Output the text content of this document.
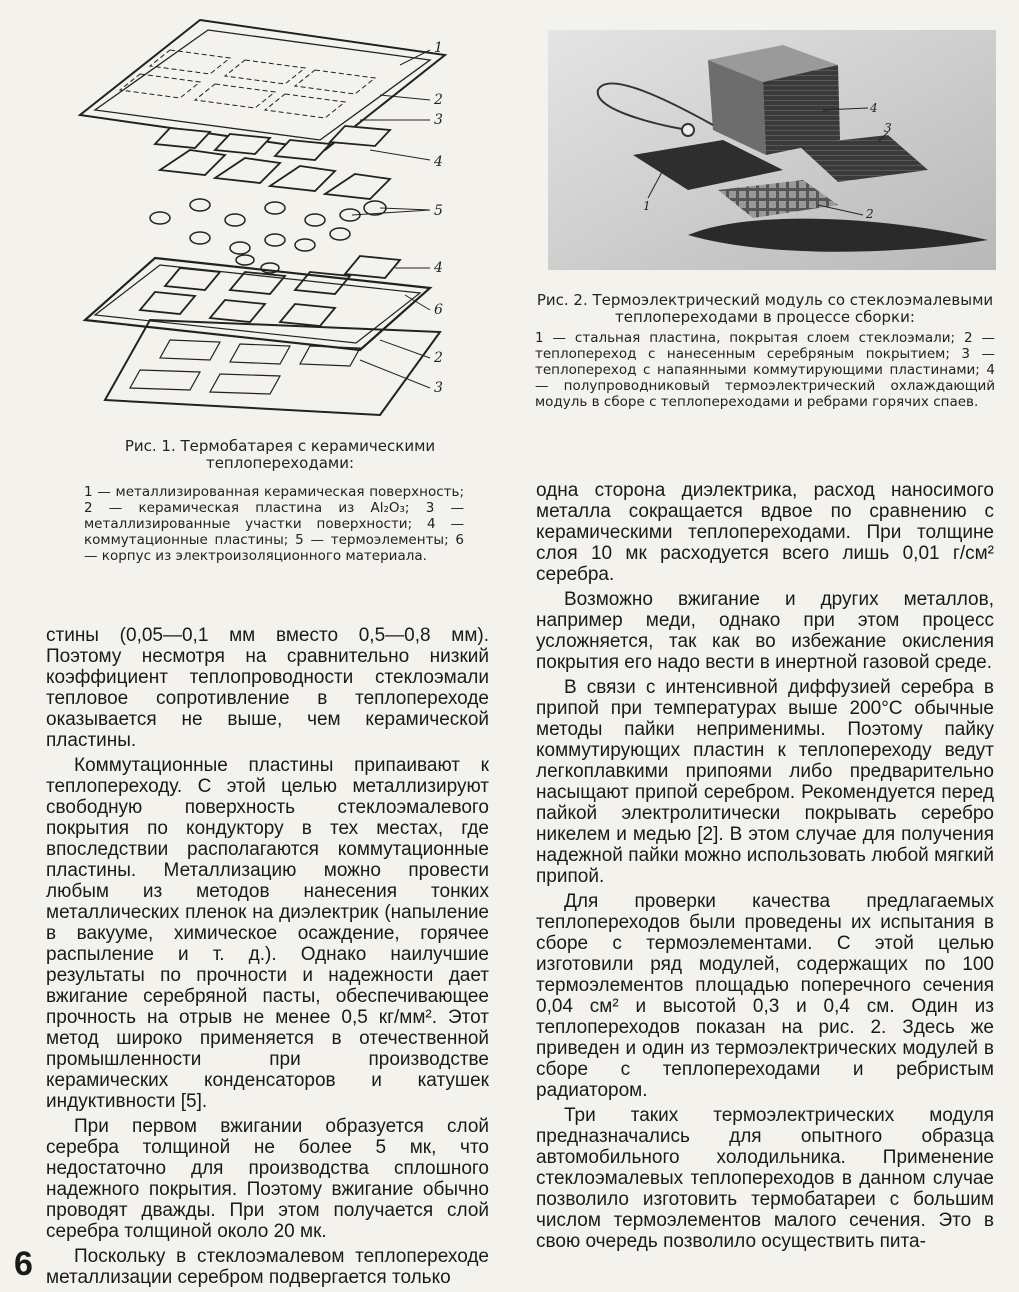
1
2
3
4
5
4
6
2
3
4
3
2
1
Рис. 1. Термобатарея с керамическими теплопереходами:
1 — металлизированная керамическая поверхность; 2 — керамическая пластина из Al₂O₃; 3 — металлизированные участки поверхности; 4 — коммутационные пластины; 5 — термоэлементы; 6 — корпус из электроизоляционного материала.
Рис. 2. Термоэлектрический модуль со стеклоэмалевыми теплопереходами в процессе сборки:
1 — стальная пластина, покрытая слоем стеклоэмали; 2 — теплопереход с нанесенным серебряным покрытием; 3 — теплопереход с напаянными коммутирующими пластинами; 4 — полупроводниковый термоэлектрический охлаждающий модуль в сборе с теплопереходами и ребрами горячих спаев.

стины (0,05—0,1 мм вместо 0,5—0,8 мм). Поэтому несмотря на сравнительно низкий коэффициент теплопроводности стеклоэмали тепловое сопротивление в теплопереходе оказывается не выше, чем керамической пластины.

Коммутационные пластины припаивают к теплопереходу. С этой целью металлизируют свободную поверхность стеклоэмалевого покрытия по кондуктору в тех местах, где впоследствии располагаются коммутационные пластины. Металлизацию можно провести любым из методов нанесения тонких металлических пленок на диэлектрик (напыление в вакууме, химическое осаждение, горячее распыление и т. д.). Однако наилучшие результаты по прочности и надежности дает вжигание серебряной пасты, обеспечивающее прочность на отрыв не менее 0,5 кг/мм². Этот метод широко применяется в отечественной промышленности при производстве керамических конденсаторов и катушек индуктивности [5].

При первом вжигании образуется слой серебра толщиной не более 5 мк, что недостаточно для производства сплошного надежного покрытия. Поэтому вжигание обычно проводят дважды. При этом получается слой серебра толщиной около 20 мк.

Поскольку в стеклоэмалевом теплопереходе металлизации серебром подвергается только

одна сторона диэлектрика, расход наносимого металла сокращается вдвое по сравнению с керамическими теплопереходами. При толщине слоя 10 мк расходуется всего лишь 0,01 г/см² серебра.

Возможно вжигание и других металлов, например меди, однако при этом процесс усложняется, так как во избежание окисления покрытия его надо вести в инертной газовой среде.

В связи с интенсивной диффузией серебра в припой при температурах выше 200°С обычные методы пайки неприменимы. Поэтому пайку коммутирующих пластин к теплопереходу ведут легкоплавкими припоями либо предварительно насыщают припой серебром. Рекомендуется перед пайкой электролитически покрывать серебро никелем и медью [2]. В этом случае для получения надежной пайки можно использовать любой мягкий припой.

Для проверки качества предлагаемых теплопереходов были проведены их испытания в сборе с термоэлементами. С этой целью изготовили ряд модулей, содержащих по 100 термоэлементов площадью поперечного сечения 0,04 см² и высотой 0,3 и 0,4 см. Один из теплопереходов показан на рис. 2. Здесь же приведен и один из термоэлектрических модулей в сборе с теплопереходами и ребристым радиатором.

Три таких термоэлектрических модуля предназначались для опытного образца автомобильного холодильника. Применение стеклоэмалевых теплопереходов в данном случае позволило изготовить термобатареи с большим числом термоэлементов малого сечения. Это в свою очередь позволило осуществить пита-

6
